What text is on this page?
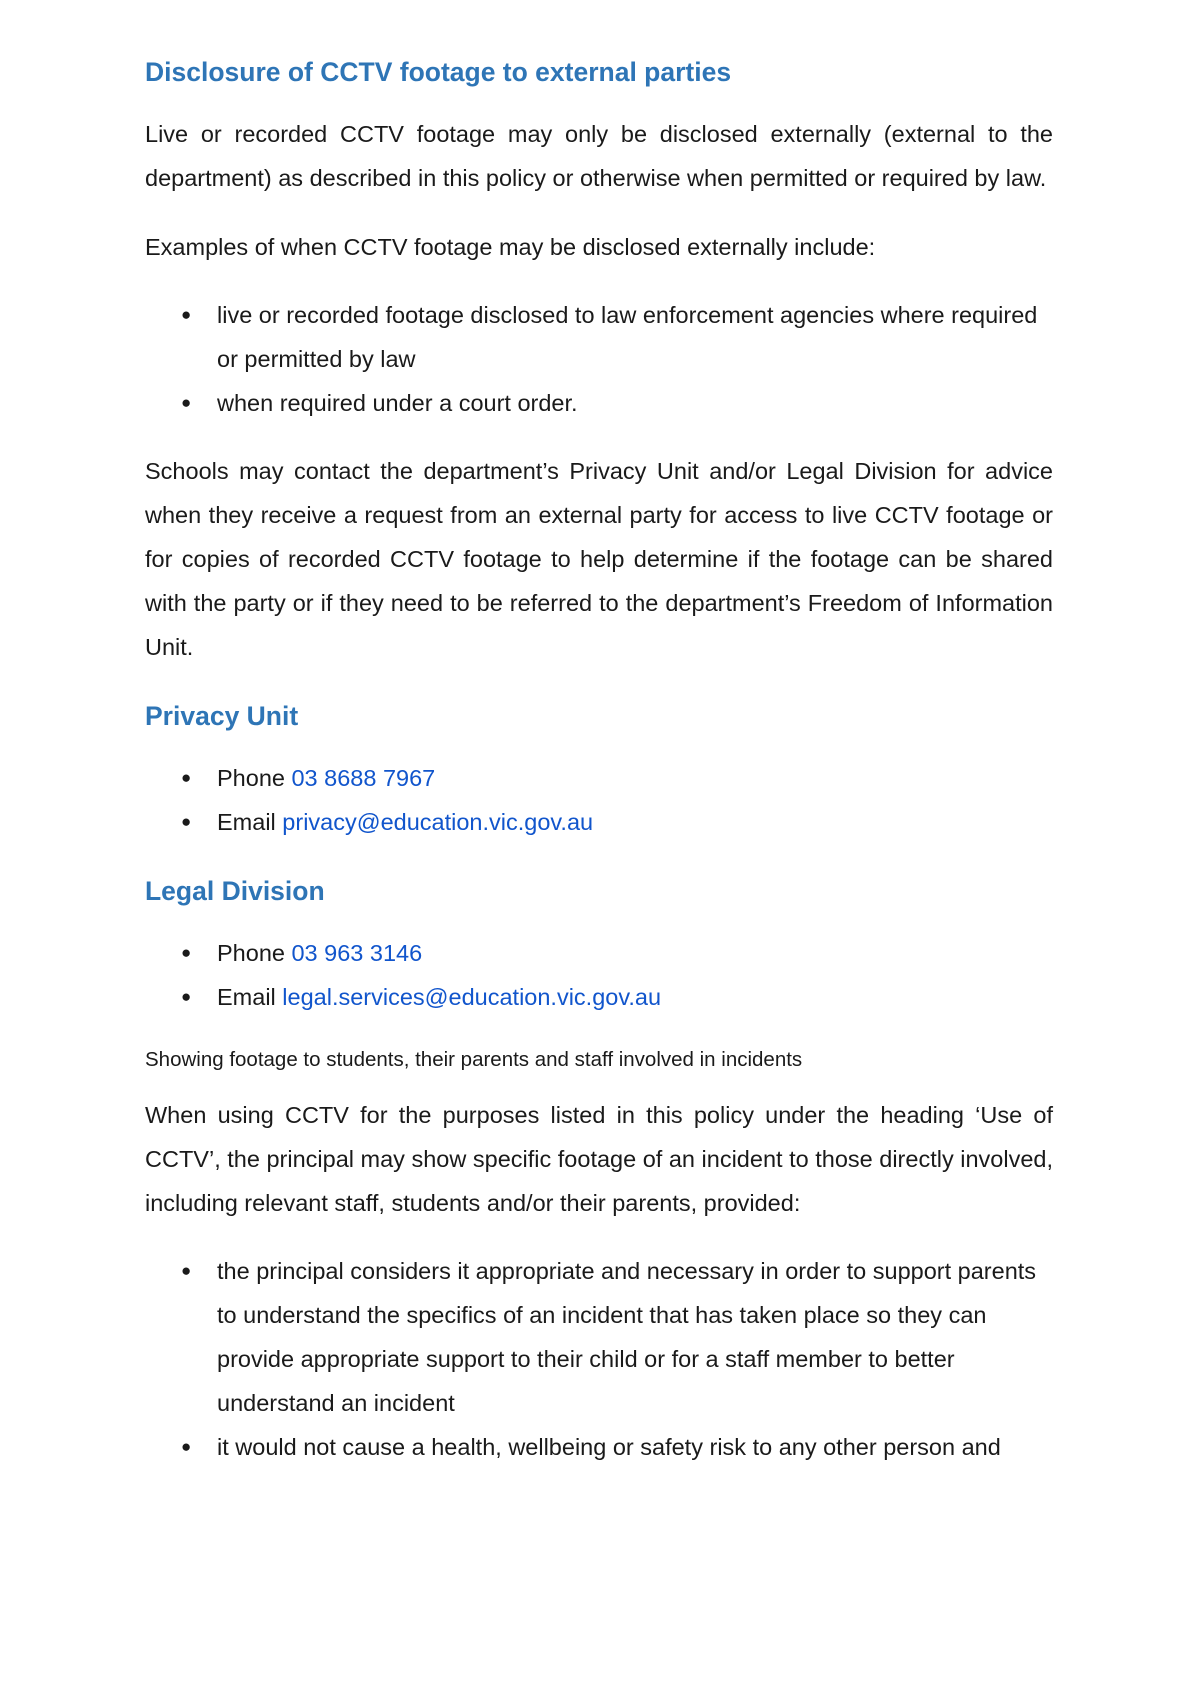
Disclosure of CCTV footage to external parties

Live or recorded CCTV footage may only be disclosed externally (external to the department) as described in this policy or otherwise when permitted or required by law.

Examples of when CCTV footage may be disclosed externally include:

● live or recorded footage disclosed to law enforcement agencies where required or permitted by law
● when required under a court order.

Schools may contact the department’s Privacy Unit and/or Legal Division for advice when they receive a request from an external party for access to live CCTV footage or for copies of recorded CCTV footage to help determine if the footage can be shared with the party or if they need to be referred to the department’s Freedom of Information Unit.

Privacy Unit
● Phone 03 8688 7967
● Email privacy@education.vic.gov.au
Legal Division
● Phone 03 963 3146
● Email legal.services@education.vic.gov.au

Showing footage to students, their parents and staff involved in incidents

When using CCTV for the purposes listed in this policy under the heading ‘Use of CCTV’, the principal may show specific footage of an incident to those directly involved, including relevant staff, students and/or their parents, provided:

● the principal considers it appropriate and necessary in order to support parents to understand the specifics of an incident that has taken place so they can provide appropriate support to their child or for a staff member to better understand an incident
● it would not cause a health, wellbeing or safety risk to any other person and
